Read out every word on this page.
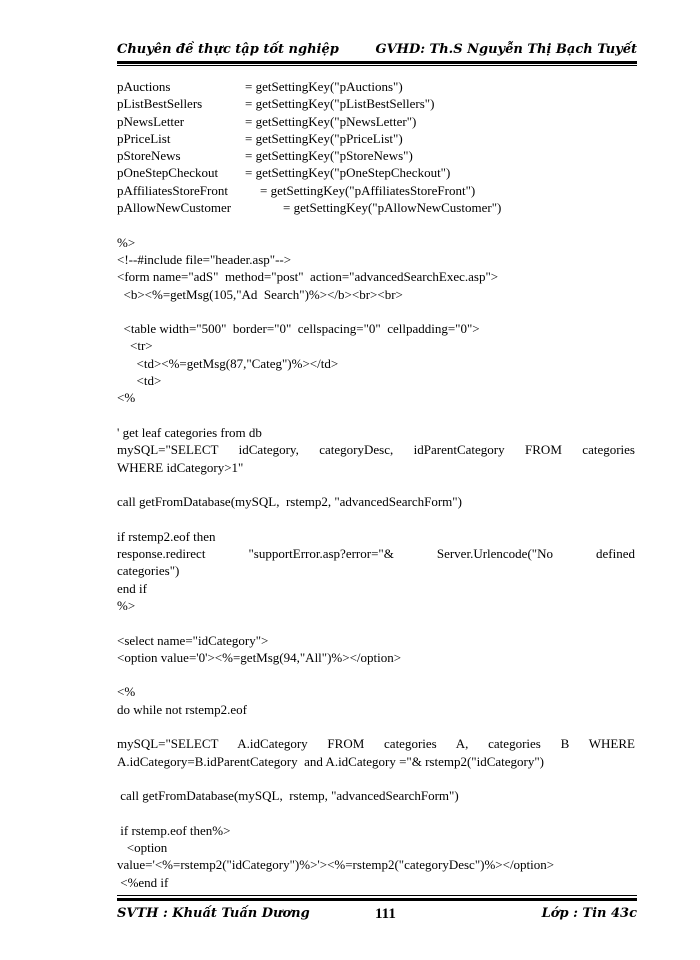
Chuyên đề thực tập tốt nghiệp	GVHD: Th.S Nguyễn Thị Bạch Tuyết
pAuctions	= getSettingKey("pAuctions")
pListBestSellers	= getSettingKey("pListBestSellers")
pNewsLetter	= getSettingKey("pNewsLetter")
pPriceList	= getSettingKey("pPriceList")
pStoreNews	= getSettingKey("pStoreNews")
pOneStepCheckout	= getSettingKey("pOneStepCheckout")
pAffiliatesStoreFront	= getSettingKey("pAffiliatesStoreFront")
pAllowNewCustomer	= getSettingKey("pAllowNewCustomer")
%>
<!--#include file="header.asp"-->
<form name="adS"  method="post"  action="advancedSearchExec.asp">
<b><%=getMsg(105,"Ad  Search")%></b><br><br>
<table width="500"  border="0"  cellspacing="0"  cellpadding="0">
<tr>
<td><%=getMsg(87,"Categ")%></td>
<td>
<%
' get leaf categories from db
mySQL="SELECT idCategory, categoryDesc, idParentCategory FROM categories
WHERE idCategory>1"
call getFromDatabase(mySQL,  rstemp2, "advancedSearchForm")
if rstemp2.eof then
response.redirect "supportError.asp?error="& Server.Urlencode("No defined
categories")
end if
%>
<select name="idCategory">
<option value='0'><%=getMsg(94,"All")%></option>
<%
do while not rstemp2.eof
mySQL="SELECT A.idCategory FROM categories A, categories B WHERE
A.idCategory=B.idParentCategory  and A.idCategory ="& rstemp2("idCategory")
call getFromDatabase(mySQL,  rstemp, "advancedSearchForm")
if rstemp.eof then%>
<option
value='<%=rstemp2("idCategory")%>'><%=rstemp2("categoryDesc")%></option>
<%end if
SVTH : Khuất Tuấn Dương	111	Lớp : Tin 43c
